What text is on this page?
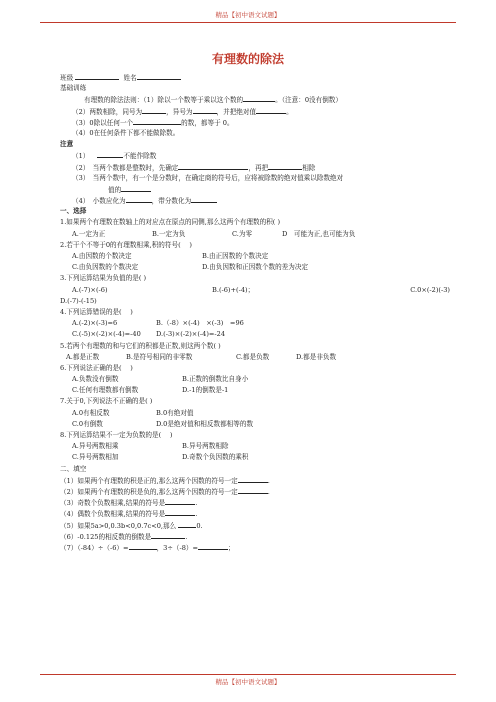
精品【初中语文试题】
有理数的除法
班级	姓名
基础训练
有理数的除法法则：（1）除以一个数等于乘以这个数的	。（注意：0没有倒数）
（2）两数相除，同号为	，异号为	，并把绝对值	。
（3）0除以任何一个	的数，都等于 0。
（4）0在任何条件下都不能做除数。
注意
（1）	不能作除数
（2）　当两个数都是整数时，先确定	，再把	相除
（3）　当两个数中，有一个是分数时，在确定商的符号后，应将被除数的绝对值乘以除数绝对
值的
（4）　小数应化为	，带分数化为
一、选择
1.如果两个有理数在数轴上的对应点在原点的同侧,那么这两个有理数的积( )
A.一定为正	B.一定为负	C.为零	D　可能为正,也可能为负
2.若干个不等于0的有理数相乘,积的符号(　 )
A.由因数的个数决定	B.由正因数的个数决定
C.由负因数的个数决定	D.由负因数和正因数个数的差为决定
3.下列运算结果为负值的是( )
A.(-7)×(-6)	B.(-6)+(-4)；	C.0×(-2)(-3)
D.(-7)-(-15)
4.下列运算错误的是(　 )
A.(-2)×(-3)=6	B.（-8）×(-4)　×(-3)　=96
C.(-5)×(-2)×(-4)=-40	D.(-3)×(-2)×(-4)=-24
5.若两个有理数的和与它们的积都是正数,则这两个数( )
A.都是正数	B.是符号相同的非零数	C.都是负数	D.都是非负数
6.下列说法正确的是(　 )
A.负数没有倒数	B.正数的倒数比自身小
C.任何有理数都有倒数	D.-1的倒数是-1
7.关于0,下列说法不正确的是( )
A.0有相反数	B.0有绝对值
C.0有倒数	D.0是绝对值和相反数都相等的数
8.下列运算结果不一定为负数的是(　 )
A.异号两数相乘	B.异号两数相除
C.异号两数相加	D.奇数个负因数的乘积
二、填空
（1）如果两个有理数的积是正的,那么这两个因数的符号一定	.
（2）如果两个有理数的积是负的,那么这两个因数的符号一定	.
（3）奇数个负数相乘,结果的符号是	.
（4）偶数个负数相乘,结果的符号是	.
（5）如果5a>0,0.3b<0,0.7c<0,那么	0.
（6）-0.125的相反数的倒数是	.
（7）（-84）÷（-6）=	，3÷（-8）=	；
精品【初中语文试题】
